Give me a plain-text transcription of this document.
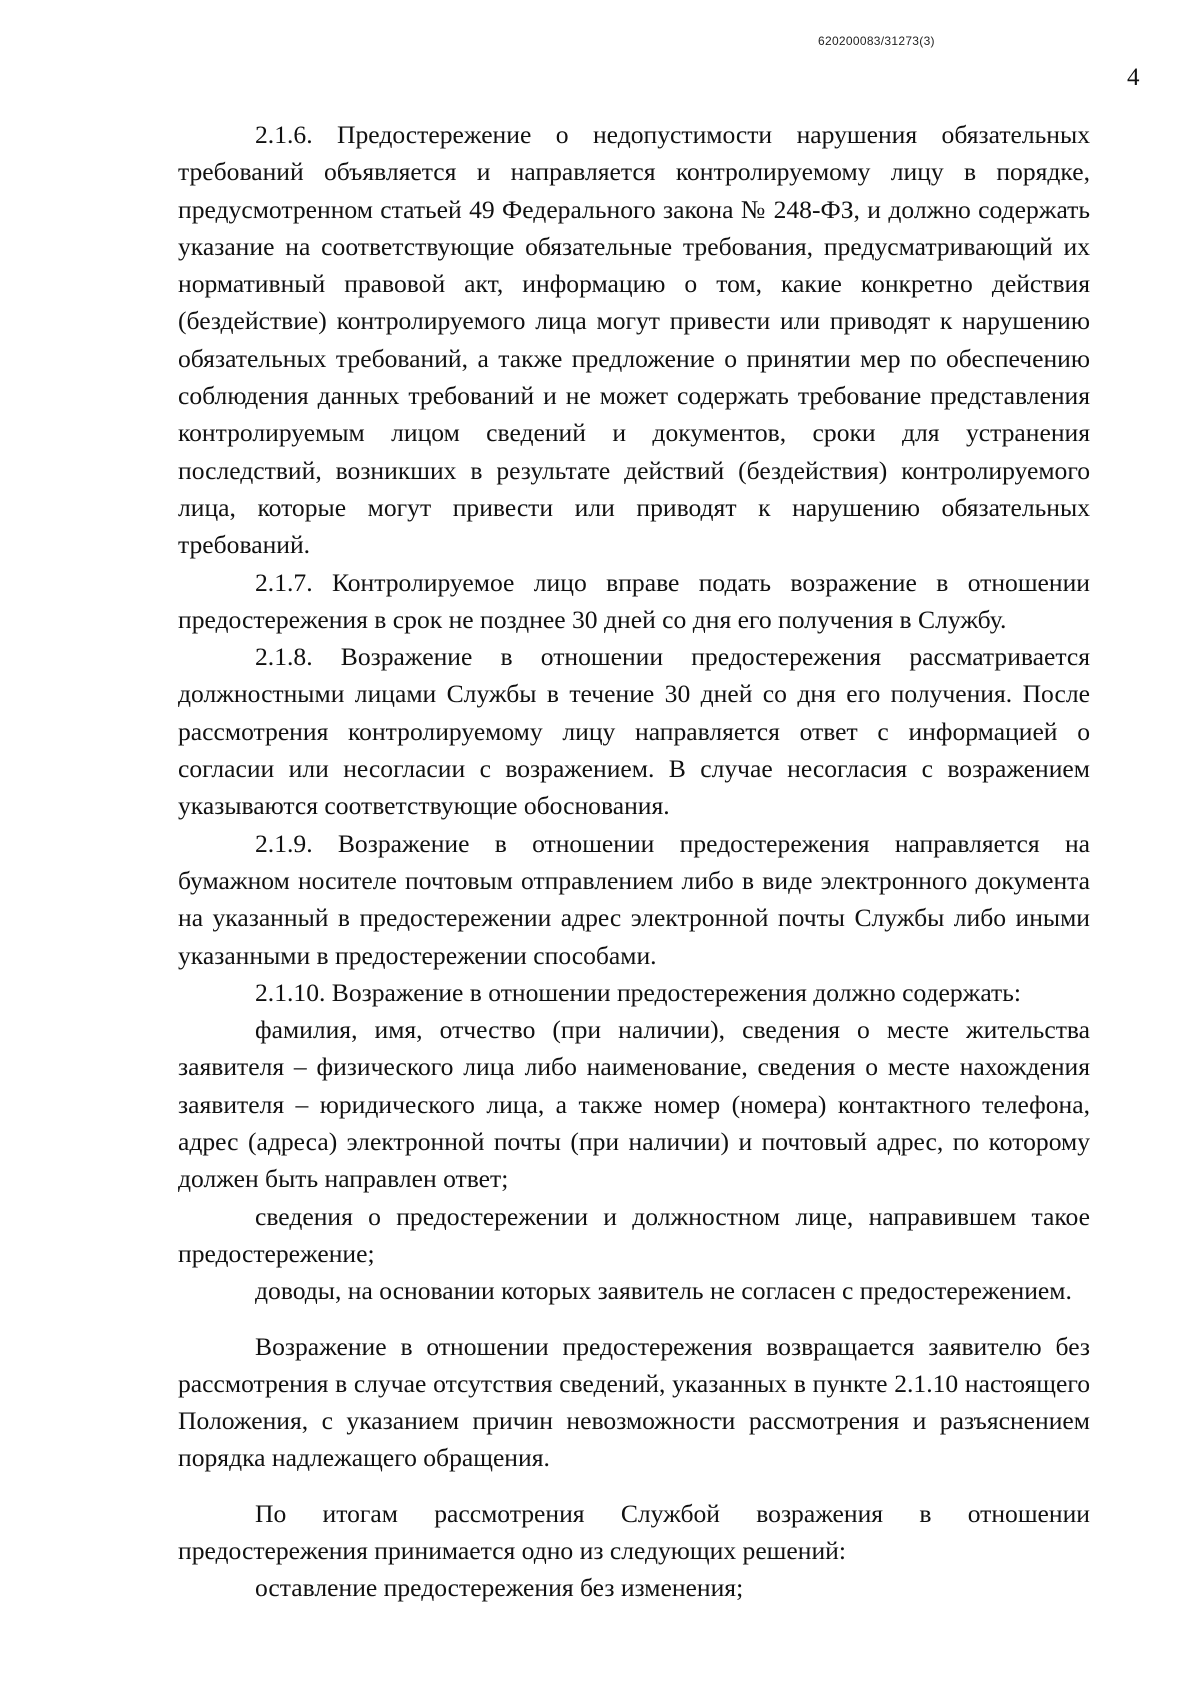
620200083/31273(3)
4

2.1.6. Предостережение о недопустимости нарушения обязательных требований объявляется и направляется контролируемому лицу в порядке, предусмотренном статьей 49 Федерального закона № 248-ФЗ, и должно содержать указание на соответствующие обязательные требования, предусматривающий их нормативный правовой акт, информацию о том, какие конкретно действия (бездействие) контролируемого лица могут привести или приводят к нарушению обязательных требований, а также предложение о принятии мер по обеспечению соблюдения данных требований и не может содержать требование представления контролируемым лицом сведений и документов, сроки для устранения последствий, возникших в результате действий (бездействия) контролируемого лица, которые могут привести или приводят к нарушению обязательных требований.

2.1.7. Контролируемое лицо вправе подать возражение в отношении предостережения в срок не позднее 30 дней со дня его получения в Службу.

2.1.8. Возражение в отношении предостережения рассматривается должностными лицами Службы в течение 30 дней со дня его получения. После рассмотрения контролируемому лицу направляется ответ с информацией о согласии или несогласии с возражением. В случае несогласия с возражением указываются соответствующие обоснования.

2.1.9. Возражение в отношении предостережения направляется на бумажном носителе почтовым отправлением либо в виде электронного документа на указанный в предостережении адрес электронной почты Службы либо иными указанными в предостережении способами.

2.1.10. Возражение в отношении предостережения должно содержать:

фамилия, имя, отчество (при наличии), сведения о месте жительства заявителя – физического лица либо наименование, сведения о месте нахождения заявителя – юридического лица, а также номер (номера) контактного телефона, адрес (адреса) электронной почты (при наличии) и почтовый адрес, по которому должен быть направлен ответ;

сведения о предостережении и должностном лице, направившем такое предостережение;

доводы, на основании которых заявитель не согласен с предостережением.

Возражение в отношении предостережения возвращается заявителю без рассмотрения в случае отсутствия сведений, указанных в пункте 2.1.10 настоящего Положения, с указанием причин невозможности рассмотрения и разъяснением порядка надлежащего обращения.

По итогам рассмотрения Службой возражения в отношении предостережения принимается одно из следующих решений:

оставление предостережения без изменения;
